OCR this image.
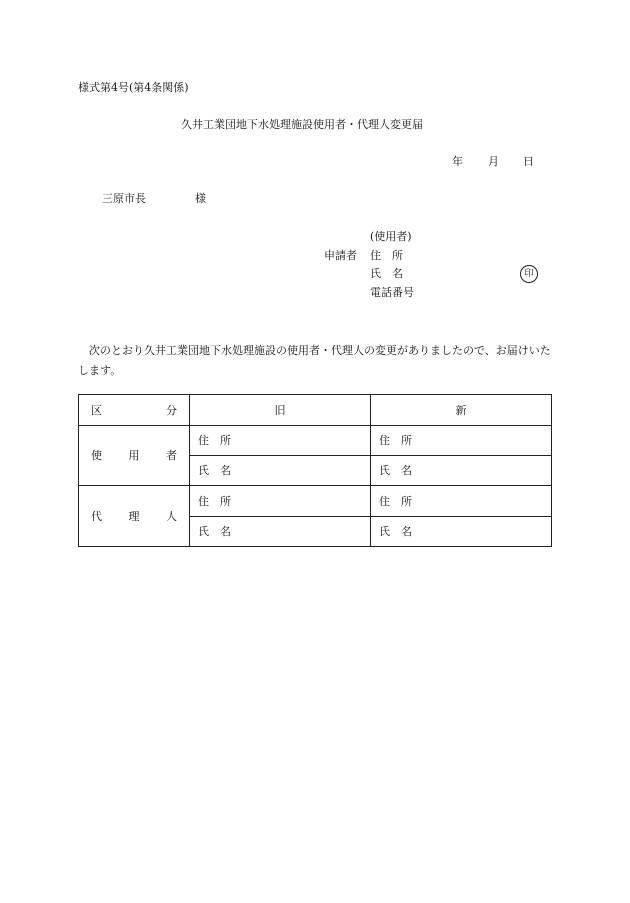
様式第4号(第4条関係)
久井工業団地下水処理施設使用者・代理人変更届
年 月 日
三原市長	様
(使用者)
申請者 住　所
氏　名	印
電話番号
次のとおり久井工業団地下水処理施設の使用者・代理人の変更がありましたので、お届けいたします。
区分	旧	新
使用者	住　所	住　所
	氏　名	氏　名
代理人	住　所	住　所
	氏　名	氏　名
